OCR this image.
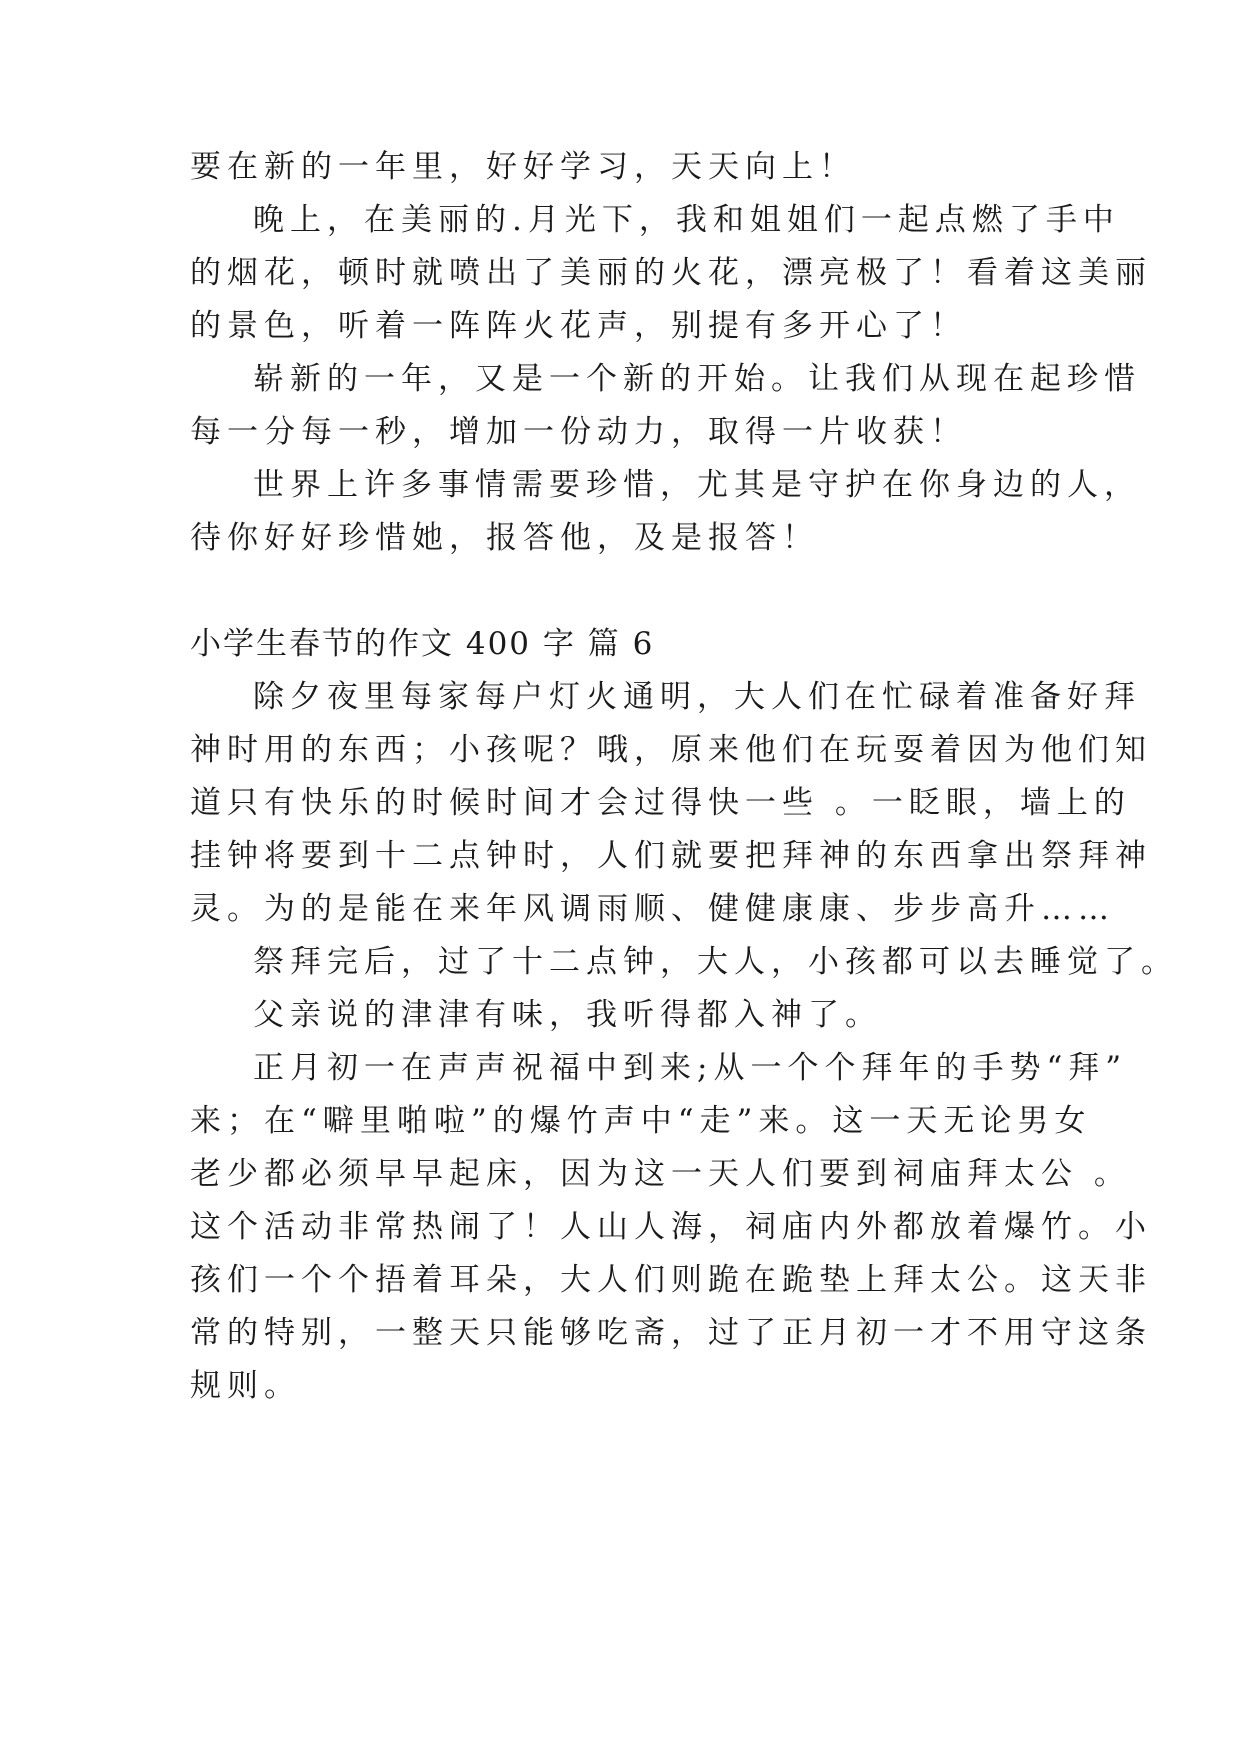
要在新的一年里，好好学习，天天向上！
晚上，在美丽的.月光下，我和姐姐们一起点燃了手中
的烟花，顿时就喷出了美丽的火花，漂亮极了！看着这美丽
的景色，听着一阵阵火花声，别提有多开心了！
崭新的一年，又是一个新的开始。让我们从现在起珍惜
每一分每一秒，增加一份动力，取得一片收获！
世界上许多事情需要珍惜，尤其是守护在你身边的人，
待你好好珍惜她，报答他，及是报答！
小学生春节的作文 400 字 篇 6
除夕夜里每家每户灯火通明，大人们在忙碌着准备好拜
神时用的东西；小孩呢？哦，原来他们在玩耍着因为他们知
道只有快乐的时候时间才会过得快一些 。一眨眼，墙上的
挂钟将要到十二点钟时，人们就要把拜神的东西拿出祭拜神
灵。为的是能在来年风调雨顺、健健康康、步步高升……
祭拜完后，过了十二点钟，大人，小孩都可以去睡觉了。
父亲说的津津有味，我听得都入神了。
正月初一在声声祝福中到来;从一个个拜年的手势“拜”
来；在“噼里啪啦”的爆竹声中“走”来。这一天无论男女
老少都必须早早起床，因为这一天人们要到祠庙拜太公 。
这个活动非常热闹了！人山人海，祠庙内外都放着爆竹。小
孩们一个个捂着耳朵，大人们则跪在跪垫上拜太公。这天非
常的特别，一整天只能够吃斋，过了正月初一才不用守这条
规则。
